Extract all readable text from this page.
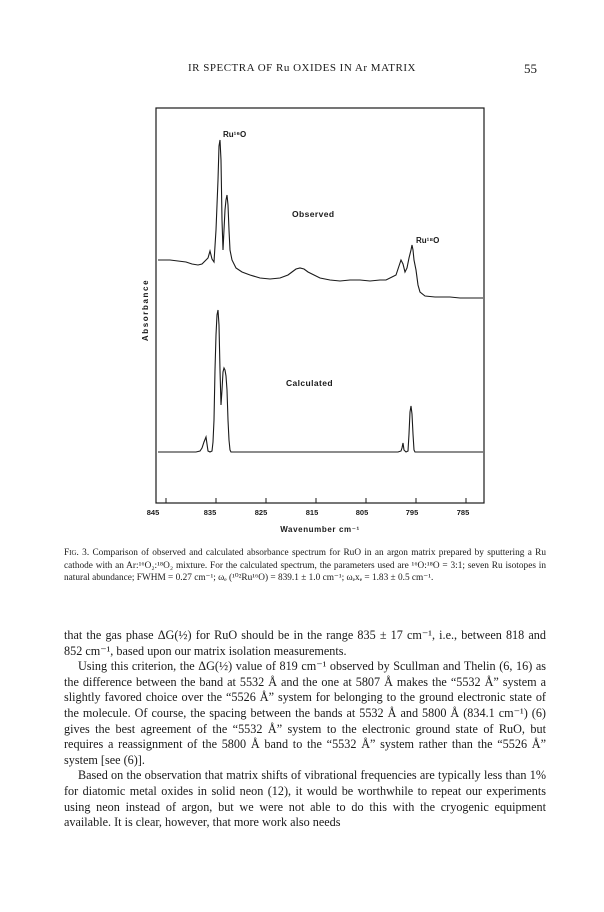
IR SPECTRA OF Ru OXIDES IN Ar MATRIX	55
845	835	825	815	805	795	785
Wavenumber cm⁻¹
Absorbance
Ru¹⁶O
Ru¹⁸O
Observed
Calculated
Fig. 3. Comparison of observed and calculated absorbance spectrum for RuO in an argon matrix prepared by sputtering a Ru cathode with an Ar:¹⁶O₂:¹⁸O₂ mixture. For the calculated spectrum, the parameters used are ¹⁶O:¹⁸O = 3:1; seven Ru isotopes in natural abundance; FWHM = 0.27 cm⁻¹; ωₑ (¹⁰²Ru¹⁶O) = 839.1 ± 1.0 cm⁻¹; ωₑxₑ = 1.83 ± 0.5 cm⁻¹.

that the gas phase ΔG(½) for RuO should be in the range 835 ± 17 cm⁻¹, i.e., between 818 and 852 cm⁻¹, based upon our matrix isolation measurements.

Using this criterion, the ΔG(½) value of 819 cm⁻¹ observed by Scullman and Thelin (6, 16) as the difference between the band at 5532 Å and the one at 5807 Å makes the “5532 Å” system a slightly favored choice over the “5526 Å” system for belonging to the ground electronic state of the molecule. Of course, the spacing between the bands at 5532 Å and 5800 Å (834.1 cm⁻¹) (6) gives the best agreement of the “5532 Å” system to the electronic ground state of RuO, but requires a reassignment of the 5800 Å band to the “5532 Å” system rather than the “5526 Å” system [see (6)].

Based on the observation that matrix shifts of vibrational frequencies are typically less than 1% for diatomic metal oxides in solid neon (12), it would be worthwhile to repeat our experiments using neon instead of argon, but we were not able to do this with the cryogenic equipment available. It is clear, however, that more work also needs
